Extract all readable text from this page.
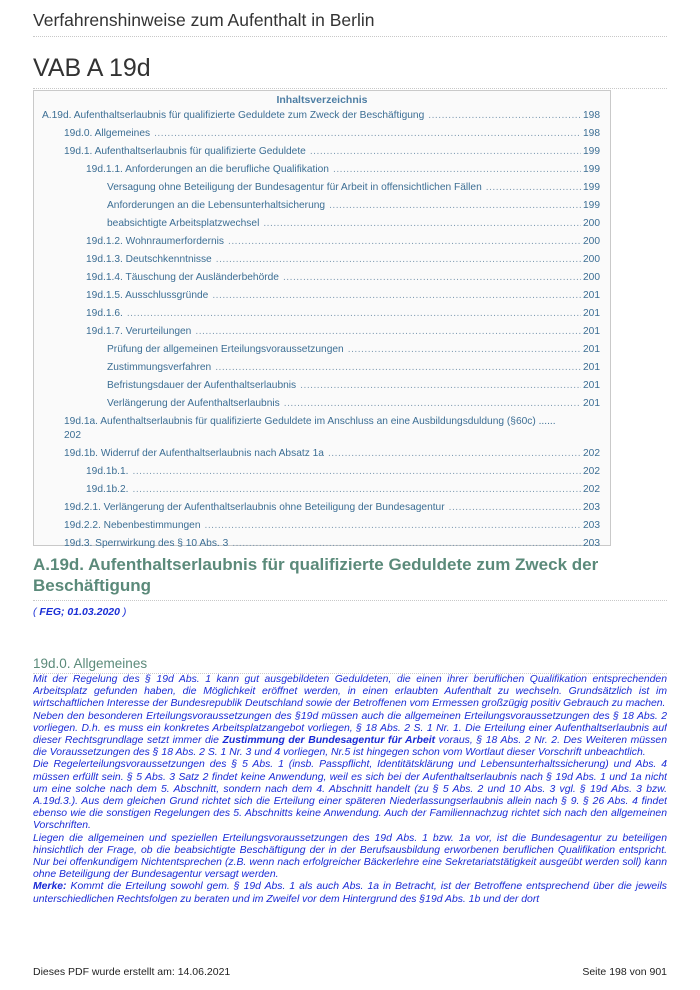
Verfahrenshinweise zum Aufenthalt in Berlin
VAB A 19d
Inhaltsverzeichnis
A.19d. Aufenthaltserlaubnis für qualifizierte Geduldete zum Zweck der Beschäftigung .....	198
19d.0. Allgemeines .....	198
19d.1. Aufenthaltserlaubnis für qualifizierte Geduldete .....	199
19d.1.1. Anforderungen an die berufliche Qualifikation .....	199
Versagung ohne Beteiligung der Bundesagentur für Arbeit in offensichtlichen Fällen .....	199
Anforderungen an die Lebensunterhaltsicherung .....	199
beabsichtigte Arbeitsplatzwechsel .....	200
19d.1.2. Wohnraumerfordernis .....	200
19d.1.3. Deutschkenntnisse .....	200
19d.1.4. Täuschung der Ausländerbehörde .....	200
19d.1.5. Ausschlussgründe .....	201
19d.1.6. .....	201
19d.1.7. Verurteilungen .....	201
Prüfung der allgemeinen Erteilungsvoraussetzungen .....	201
Zustimmungsverfahren .....	201
Befristungsdauer der Aufenthaltserlaubnis .....	201
Verlängerung der Aufenthaltserlaubnis .....	201
19d.1a. Aufenthaltserlaubnis für qualifizierte Geduldete im Anschluss an eine Ausbildungsduldung (§60c) ......
202
19d.1b. Widerruf der Aufenthaltserlaubnis nach Absatz 1a .....	202
19d.1b.1. .....	202
19d.1b.2. .....	202
19d.2.1. Verlängerung der Aufenthaltserlaubnis ohne Beteiligung der Bundesagentur .....	203
19d.2.2. Nebenbestimmungen .....	203
19d.3. Sperrwirkung des § 10 Abs. 3 .....	203
A.19d. Aufenthaltserlaubnis für qualifizierte Geduldete zum Zweck der Beschäftigung
( FEG; 01.03.2020 )
19d.0. Allgemeines

Mit der Regelung des § 19d Abs. 1 kann gut ausgebildeten Geduldeten, die einen ihrer beruflichen Qualifikation entsprechenden Arbeitsplatz gefunden haben, die Möglichkeit eröffnet werden, in einen erlaubten Aufenthalt zu wechseln. Grundsätzlich ist im wirtschaftlichen Interesse der Bundesrepublik Deutschland sowie der Betroffenen vom Ermessen großzügig positiv Gebrauch zu machen.

Neben den besonderen Erteilungsvoraussetzungen des §19d müssen auch die allgemeinen Erteilungsvoraussetzungen des § 18 Abs. 2 vorliegen. D.h. es muss ein konkretes Arbeitsplatzangebot vorliegen, § 18 Abs. 2 S. 1 Nr. 1. Die Erteilung einer Aufenthaltserlaubnis auf dieser Rechtsgrundlage setzt immer die Zustimmung der Bundesagentur für Arbeit voraus, § 18 Abs. 2 Nr. 2. Des Weiteren müssen die Voraussetzungen des § 18 Abs. 2 S. 1 Nr. 3 und 4 vorliegen, Nr.5 ist hingegen schon vom Wortlaut dieser Vorschrift unbeachtlich.

Die Regelerteilungsvoraussetzungen des § 5 Abs. 1 (insb. Passpflicht, Identitätsklärung und Lebensunterhaltssicherung) und Abs. 4 müssen erfüllt sein. § 5 Abs. 3 Satz 2 findet keine Anwendung, weil es sich bei der Aufenthaltserlaubnis nach § 19d Abs. 1 und 1a nicht um eine solche nach dem 5. Abschnitt, sondern nach dem 4. Abschnitt handelt (zu § 5 Abs. 2 und 10 Abs. 3 vgl. § 19d Abs. 3 bzw. A.19d.3.). Aus dem gleichen Grund richtet sich die Erteilung einer späteren Niederlassungserlaubnis allein nach § 9. § 26 Abs. 4 findet ebenso wie die sonstigen Regelungen des 5. Abschnitts keine Anwendung. Auch der Familiennachzug richtet sich nach den allgemeinen Vorschriften.

Liegen die allgemeinen und speziellen Erteilungsvoraussetzungen des 19d Abs. 1 bzw. 1a vor, ist die Bundesagentur zu beteiligen hinsichtlich der Frage, ob die beabsichtigte Beschäftigung der in der Berufsausbildung erworbenen beruflichen Qualifikation entspricht. Nur bei offenkundigem Nichtentsprechen (z.B. wenn nach erfolgreicher Bäckerlehre eine Sekretariatstätigkeit ausgeübt werden soll) kann ohne Beteiligung der Bundesagentur versagt werden.

Merke: Kommt die Erteilung sowohl gem. § 19d Abs. 1 als auch Abs. 1a in Betracht, ist der Betroffene entsprechend über die jeweils unterschiedlichen Rechtsfolgen zu beraten und im Zweifel vor dem Hintergrund des §19d Abs. 1b und der dort

Dieses PDF wurde erstellt am: 14.06.2021	Seite 198 von 901
